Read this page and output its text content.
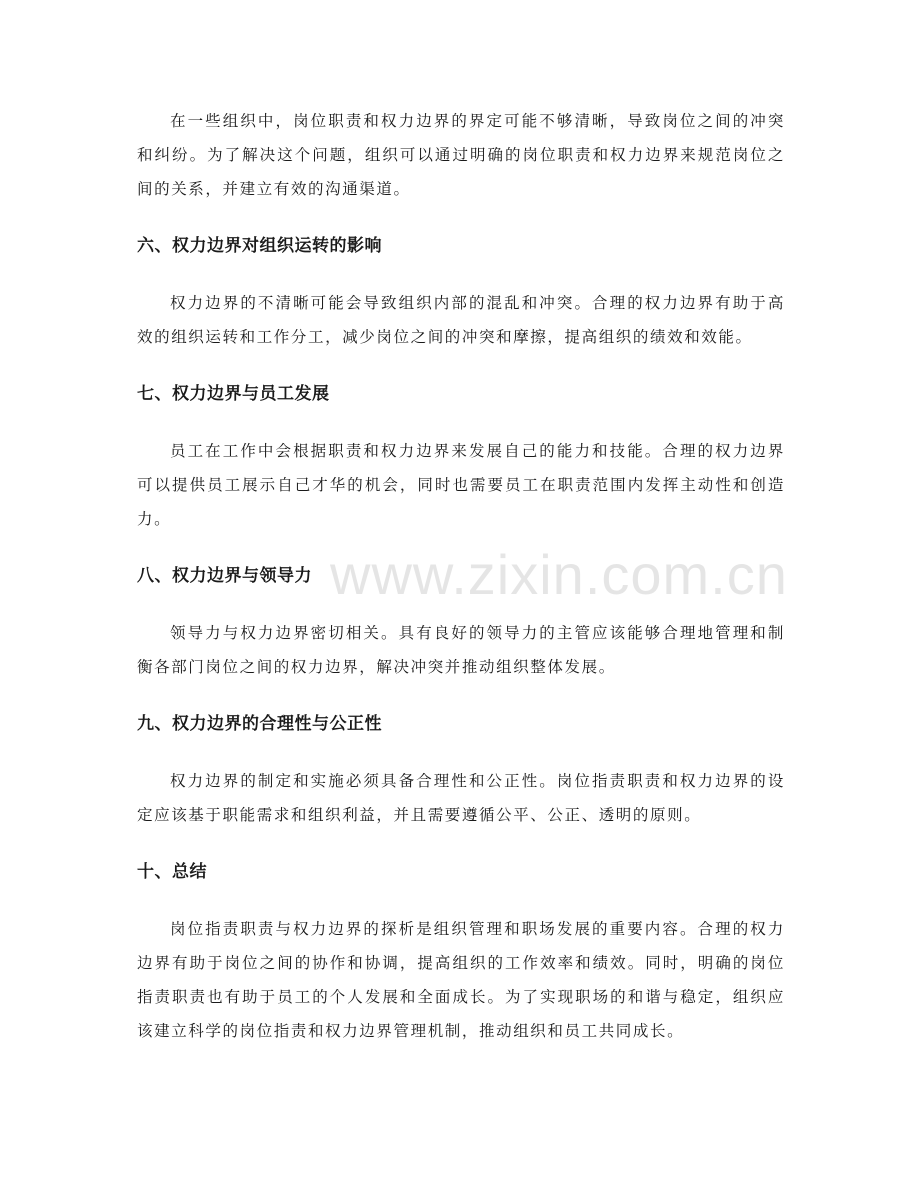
在一些组织中，岗位职责和权力边界的界定可能不够清晰，导致岗位之间的冲突和纠纷。为了解决这个问题，组织可以通过明确的岗位职责和权力边界来规范岗位之间的关系，并建立有效的沟通渠道。

六、权力边界对组织运转的影响

权力边界的不清晰可能会导致组织内部的混乱和冲突。合理的权力边界有助于高效的组织运转和工作分工，减少岗位之间的冲突和摩擦，提高组织的绩效和效能。

七、权力边界与员工发展

员工在工作中会根据职责和权力边界来发展自己的能力和技能。合理的权力边界可以提供员工展示自己才华的机会，同时也需要员工在职责范围内发挥主动性和创造力。

八、权力边界与领导力

领导力与权力边界密切相关。具有良好的领导力的主管应该能够合理地管理和制衡各部门岗位之间的权力边界，解决冲突并推动组织整体发展。

九、权力边界的合理性与公正性

权力边界的制定和实施必须具备合理性和公正性。岗位指责职责和权力边界的设定应该基于职能需求和组织利益，并且需要遵循公平、公正、透明的原则。

十、总结

岗位指责职责与权力边界的探析是组织管理和职场发展的重要内容。合理的权力边界有助于岗位之间的协作和协调，提高组织的工作效率和绩效。同时，明确的岗位指责职责也有助于员工的个人发展和全面成长。为了实现职场的和谐与稳定，组织应该建立科学的岗位指责和权力边界管理机制，推动组织和员工共同成长。

www.zixin.com.cn
